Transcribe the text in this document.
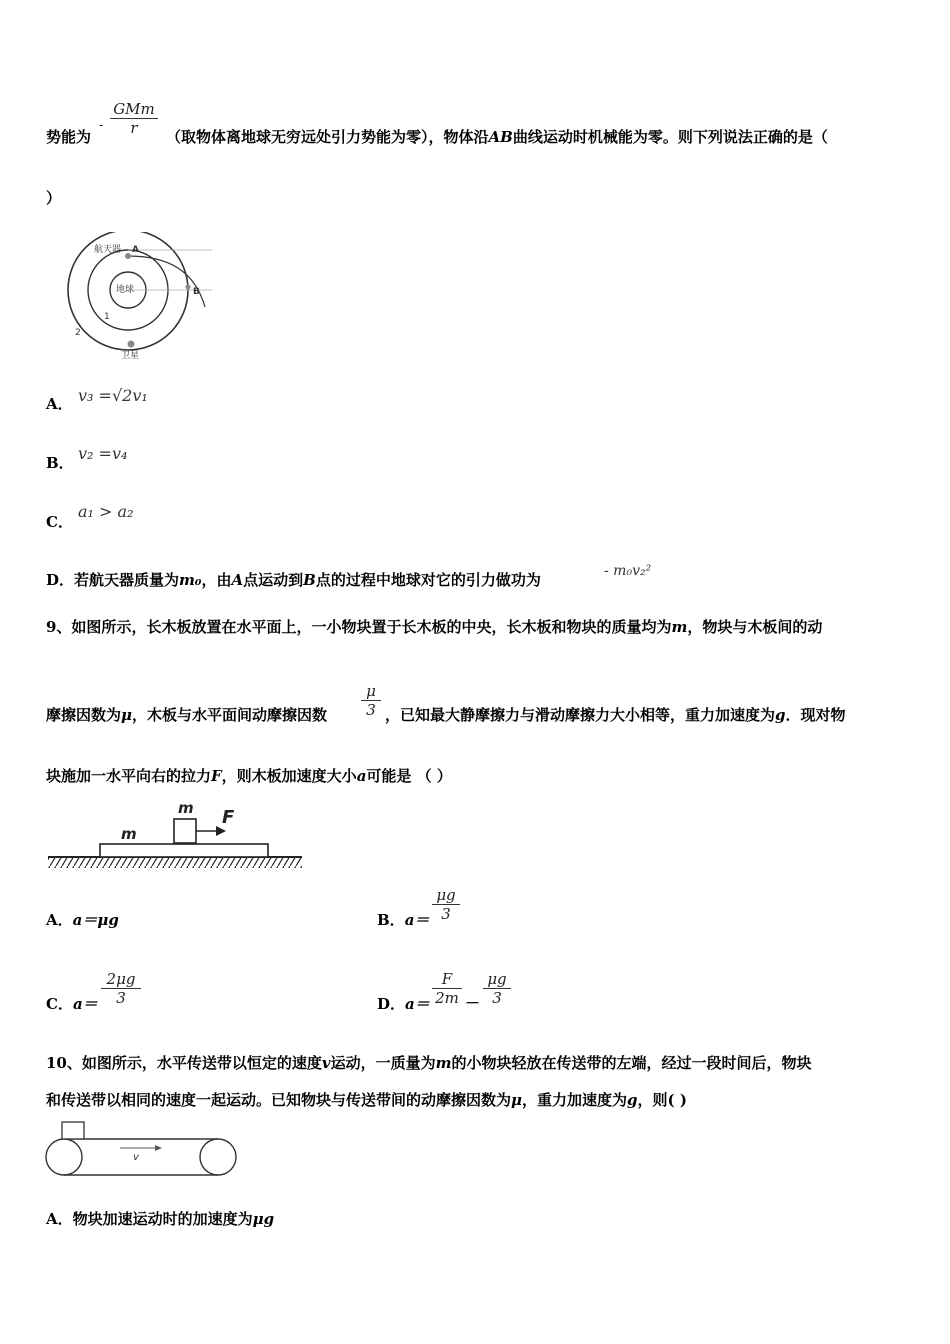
势能为
-
GMm
r	（取物体离地球无穷远处引力势能为零），物体沿AB曲线运动时机械能为零。则下列说法正确的是（
）
航天器 A
地球	B
1
2
卫星
A． v₃ =√2v₁
B． v₂ =v₄
C．
a₁ > a₂
D．若航天器质量为m₀，由A点运动到B点的过程中地球对它的引力做功为	- m₀v₂²
9、如图所示，长木板放置在水平面上，一小物块置于长木板的中央，长木板和物块的质量均为m，物块与木板间的动
摩擦因数为μ，木板与水平面间动摩擦因数
μ
3 ，已知最大静摩擦力与滑动摩擦力大小相等，重力加速度为g．现对物
块施加一水平向右的拉力F，则木板加速度大小a可能是 （ ）
m
m
F
A．a＝μg	B．a＝
μg
3
C．a＝
2μg
3	D．a＝
F
2m －
μg
3
10、如图所示，水平传送带以恒定的速度v运动，一质量为m的小物块轻放在传送带的左端，经过一段时间后，物块
和传送带以相同的速度一起运动。已知物块与传送带间的动摩擦因数为μ，重力加速度为g，则( )
v
A．物块加速运动时的加速度为μg
